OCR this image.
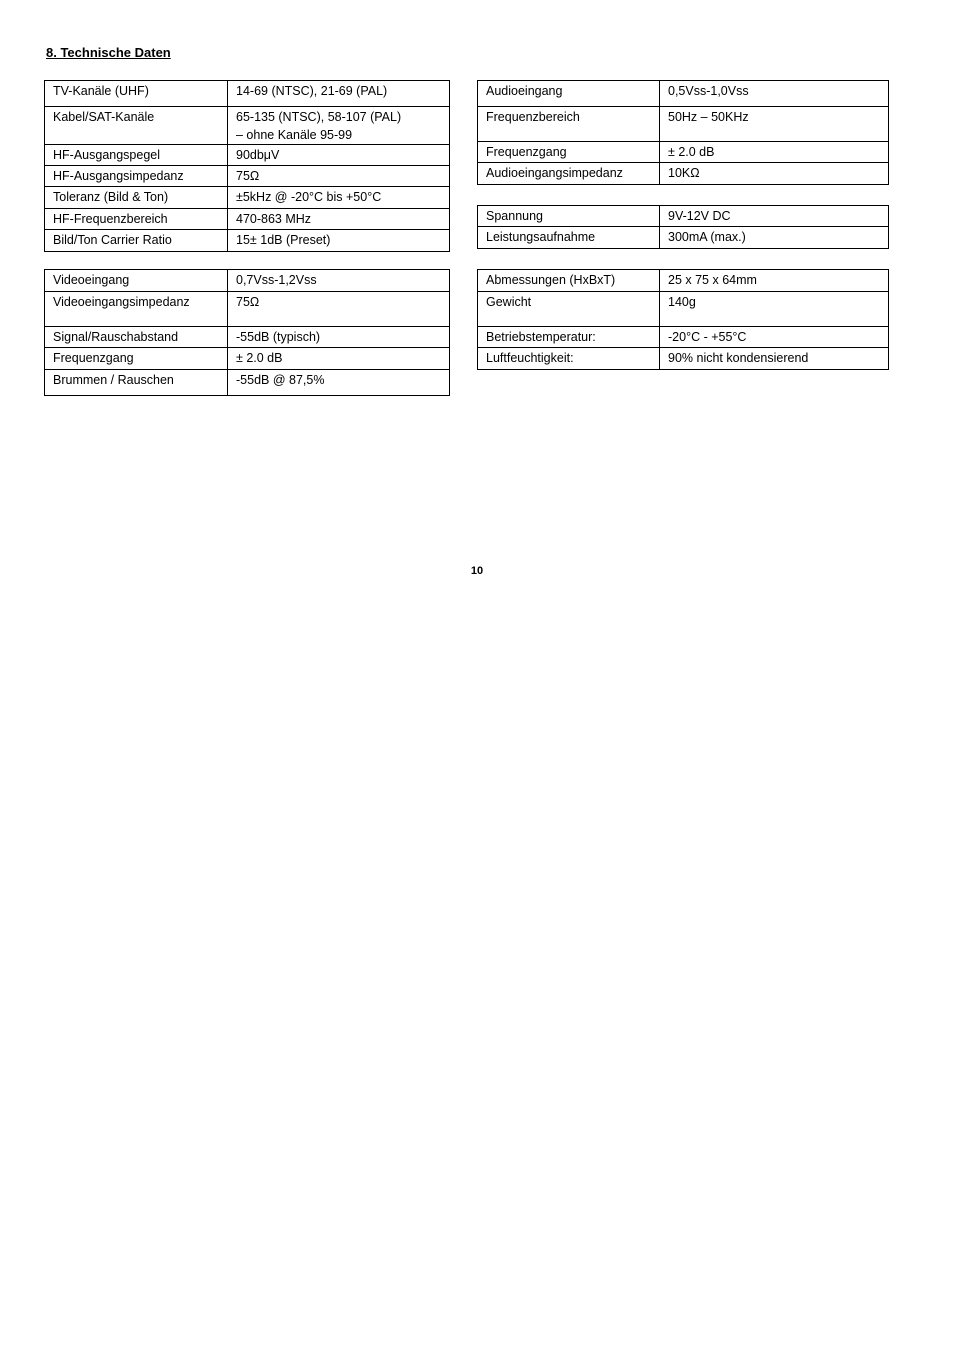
8. Technische Daten
TV-Kanäle (UHF)	14-69 (NTSC), 21-69 (PAL)
Kabel/SAT-Kanäle	65-135 (NTSC), 58-107 (PAL)
– ohne Kanäle 95-99
HF-Ausgangspegel	90dbμV
HF-Ausgangsimpedanz	75Ω
Toleranz (Bild & Ton)	±5kHz @ -20°C bis +50°C
HF-Frequenzbereich	470-863 MHz
Bild/Ton Carrier Ratio	15± 1dB (Preset)
Videoeingang	0,7Vss-1,2Vss
Videoeingangsimpedanz	75Ω
Signal/Rauschabstand	-55dB (typisch)
Frequenzgang	± 2.0 dB
Brummen / Rauschen	-55dB @ 87,5%
Audioeingang	0,5Vss-1,0Vss
Frequenzbereich	50Hz – 50KHz
Frequenzgang	± 2.0 dB
Audioeingangsimpedanz	10KΩ
Spannung	9V-12V DC
Leistungsaufnahme	300mA (max.)
Abmessungen (HxBxT)	25 x 75 x 64mm
Gewicht	140g
Betriebstemperatur:	-20°C - +55°C
Luftfeuchtigkeit:	90% nicht kondensierend
10
